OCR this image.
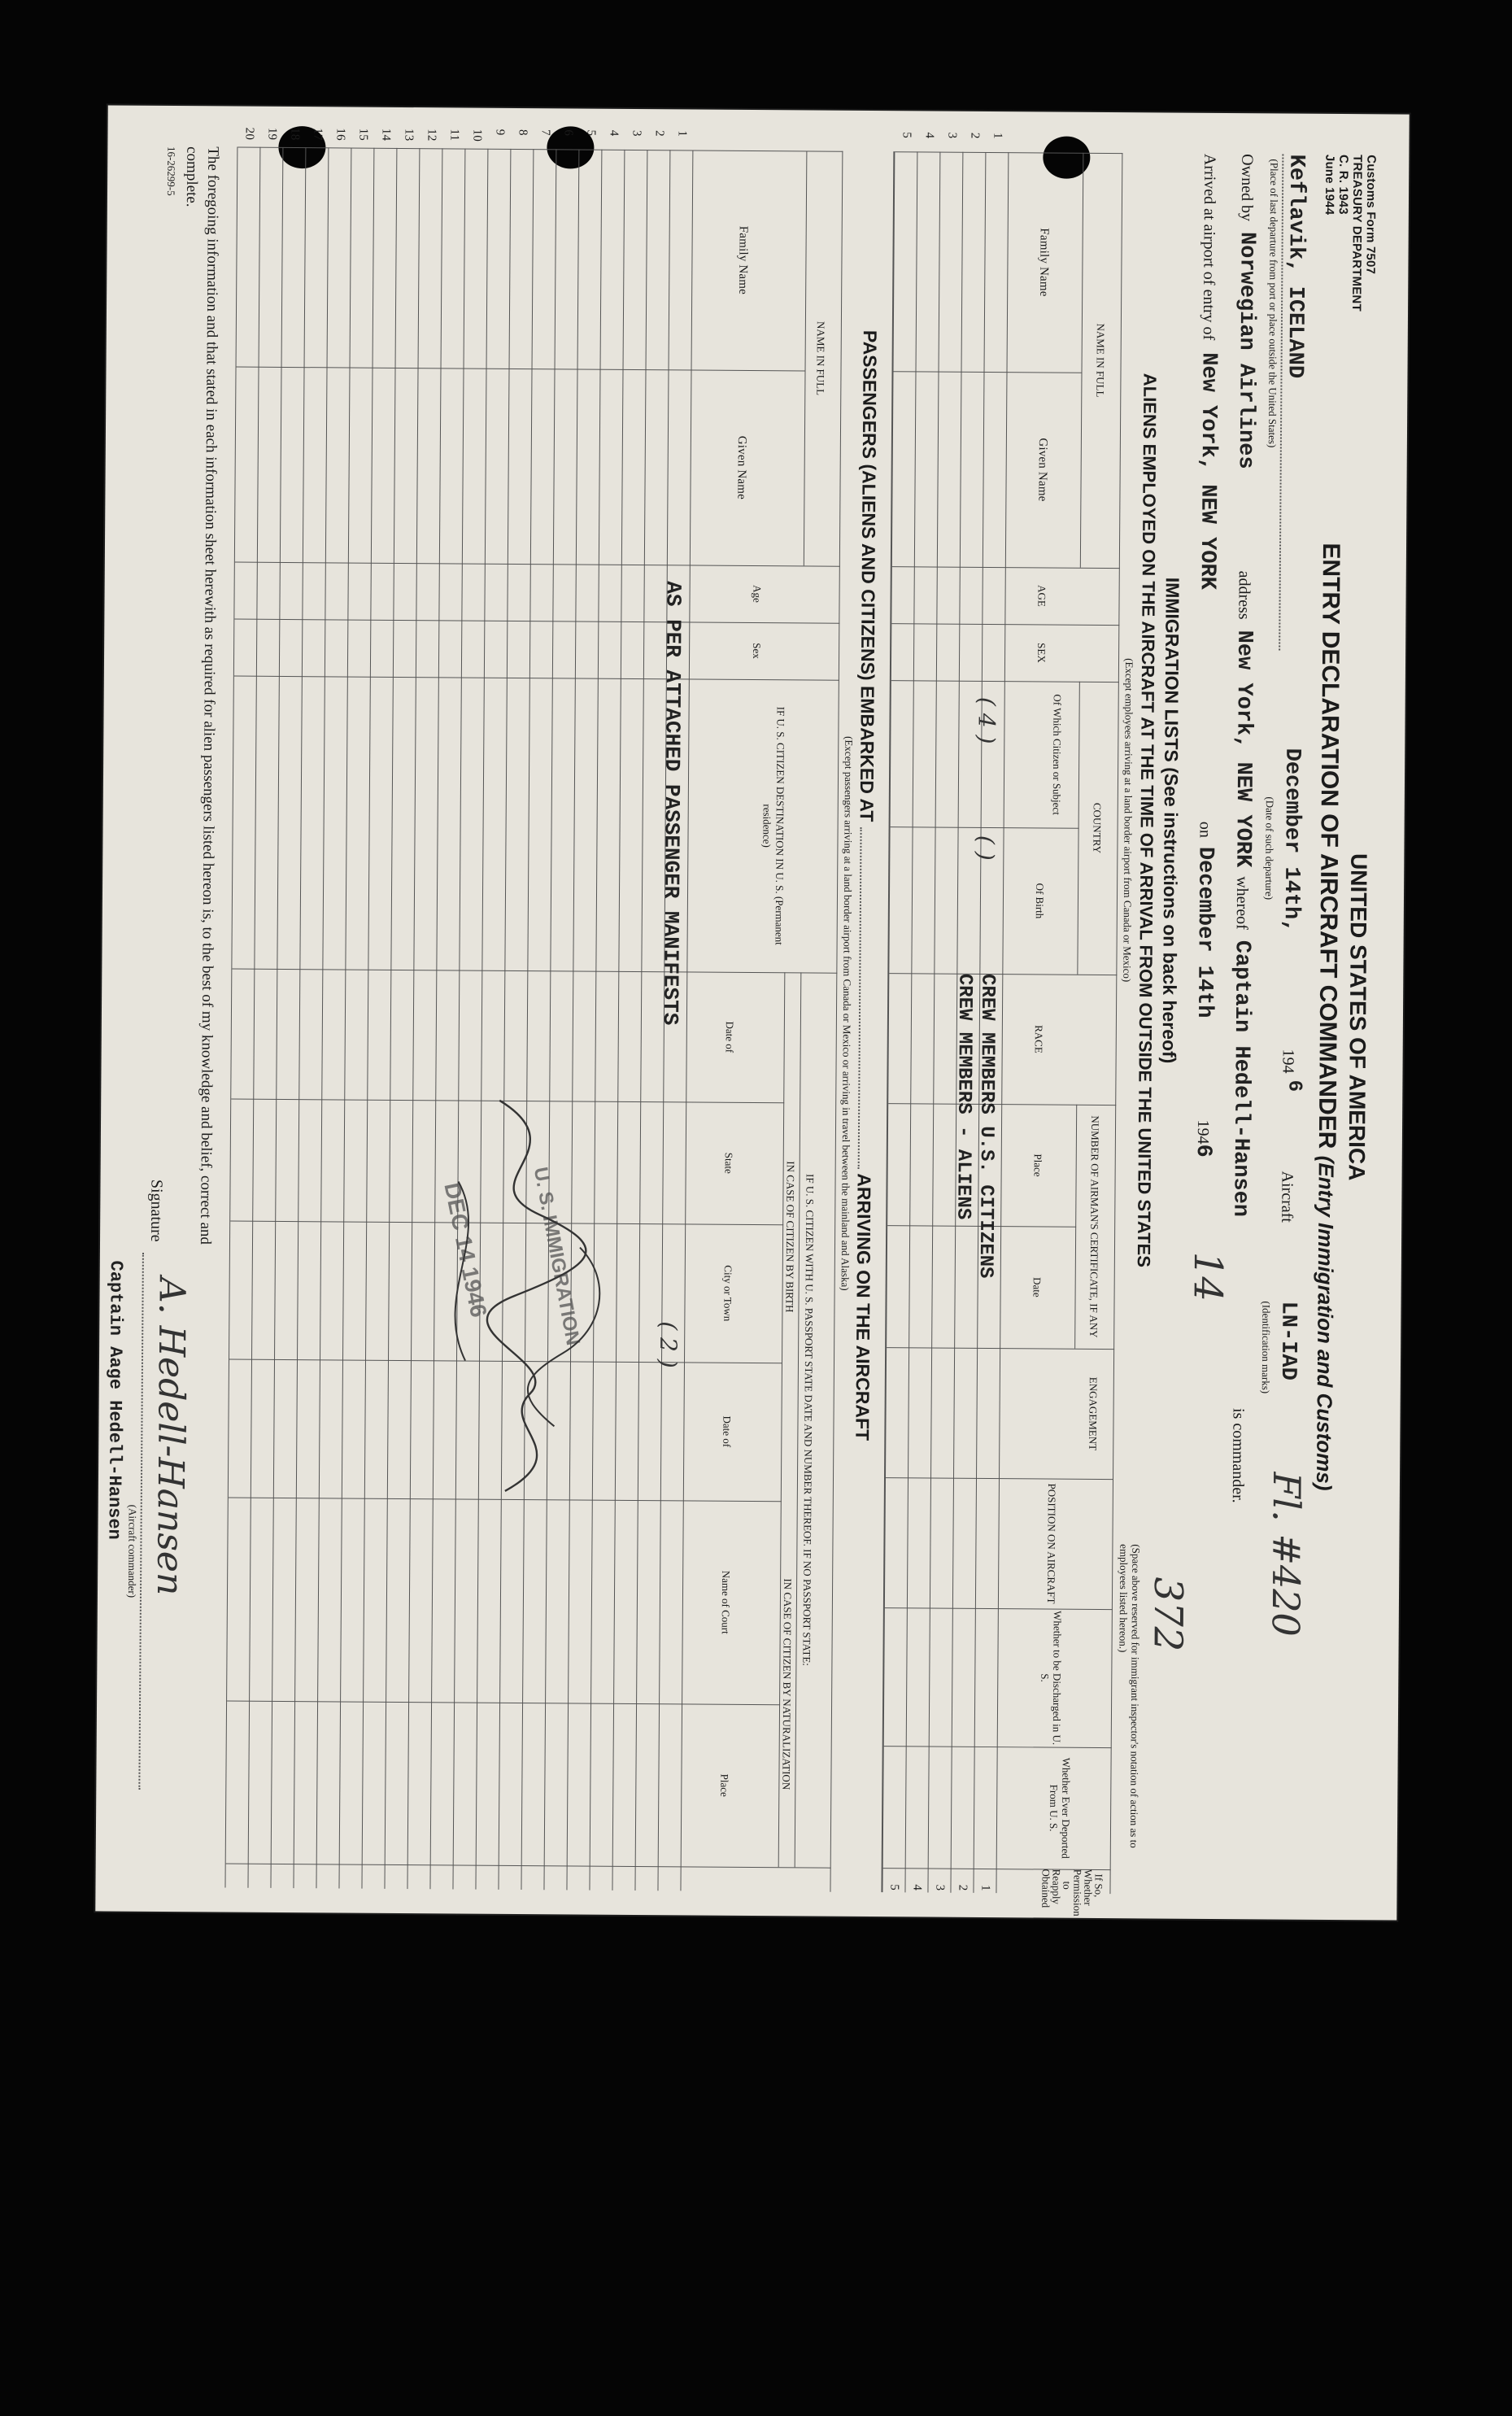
Customs Form 7507
TREASURY DEPARTMENT
C. R. 1943
June 1944
UNITED STATES OF AMERICA
ENTRY DECLARATION OF AIRCRAFT COMMANDER (Entry Immigration and Customs)
Keflavik, ICELAND
December 14th,
194
6
Aircraft
LN-IAD
Fl. #420
(Place of last departure from port or place outside the United States)
(Date of such departure)
(Identification marks)
Owned by Norwegian Airlines address New York, NEW YORK whereof Captain Hedell-Hansen is commander.
Arrived at airport of entry of New York, NEW YORK on December 14th 1946
14
372
IMMIGRATION LISTS (See instructions on back hereof)
ALIENS EMPLOYED ON THE AIRCRAFT AT THE TIME OF ARRIVAL FROM OUTSIDE THE UNITED STATES
(Except employees arriving at a land border airport from Canada or Mexico)
(Space above reserved for immigrant inspector's notation of action as to employees listed hereon.)
NAME IN FULL
Family Name
Given Name
AGE
SEX
COUNTRY
Of Which Citizen or Subject
Of Birth
RACE
NUMBER OF AIRMAN'S CERTIFICATE, IF ANY
Place
Date
ENGAGEMENT
POSITION ON AIRCRAFT
Whether to be Discharged in U. S.
Whether Ever Deported From U. S.
If So, Whether Permission to Reapply Obtained
( 4 )
( )
CREW MEMBERS U.S. CITIZENS
CREW MEMBERS - ALIENS
1
2
3
4
5
1
2
3
4
5
PASSENGERS (ALIENS AND CITIZENS) EMBARKED AT  ARRIVING ON THE AIRCRAFT
(Except passengers arriving at a land border airport from Canada or Mexico or arriving in travel between the mainland and Alaska)
NAME IN FULL
Family Name
Given Name
Age
Sex
IF U. S. CITIZEN DESTINATION IN U. S. (Permanent residence)
IF U. S. CITIZEN WITH U. S. PASSPORT STATE DATE AND NUMBER THEREOF. IF NO PASSPORT STATE:
IN CASE OF CITIZEN BY BIRTH
IN CASE OF CITIZEN BY NATURALIZATION
Date of
State
City or Town
Date of
Name of Court
Place
1
2
3
4
5
6
7
8
9
10
11
12
13
14
15
16
17
18
19
20
AS PER ATTACHED PASSENGER MANIFESTS
( 2 )
U. S. IMMIGRATION
DEC 14 1946
The foregoing information and that stated in each information sheet herewith as required for alien passengers listed hereon is, to the best of my knowledge and belief, correct and
complete.
16-26299-5
Signature
A. Hedell-Hansen
(Aircraft commander)
Captain Aage Hedell-Hansen
